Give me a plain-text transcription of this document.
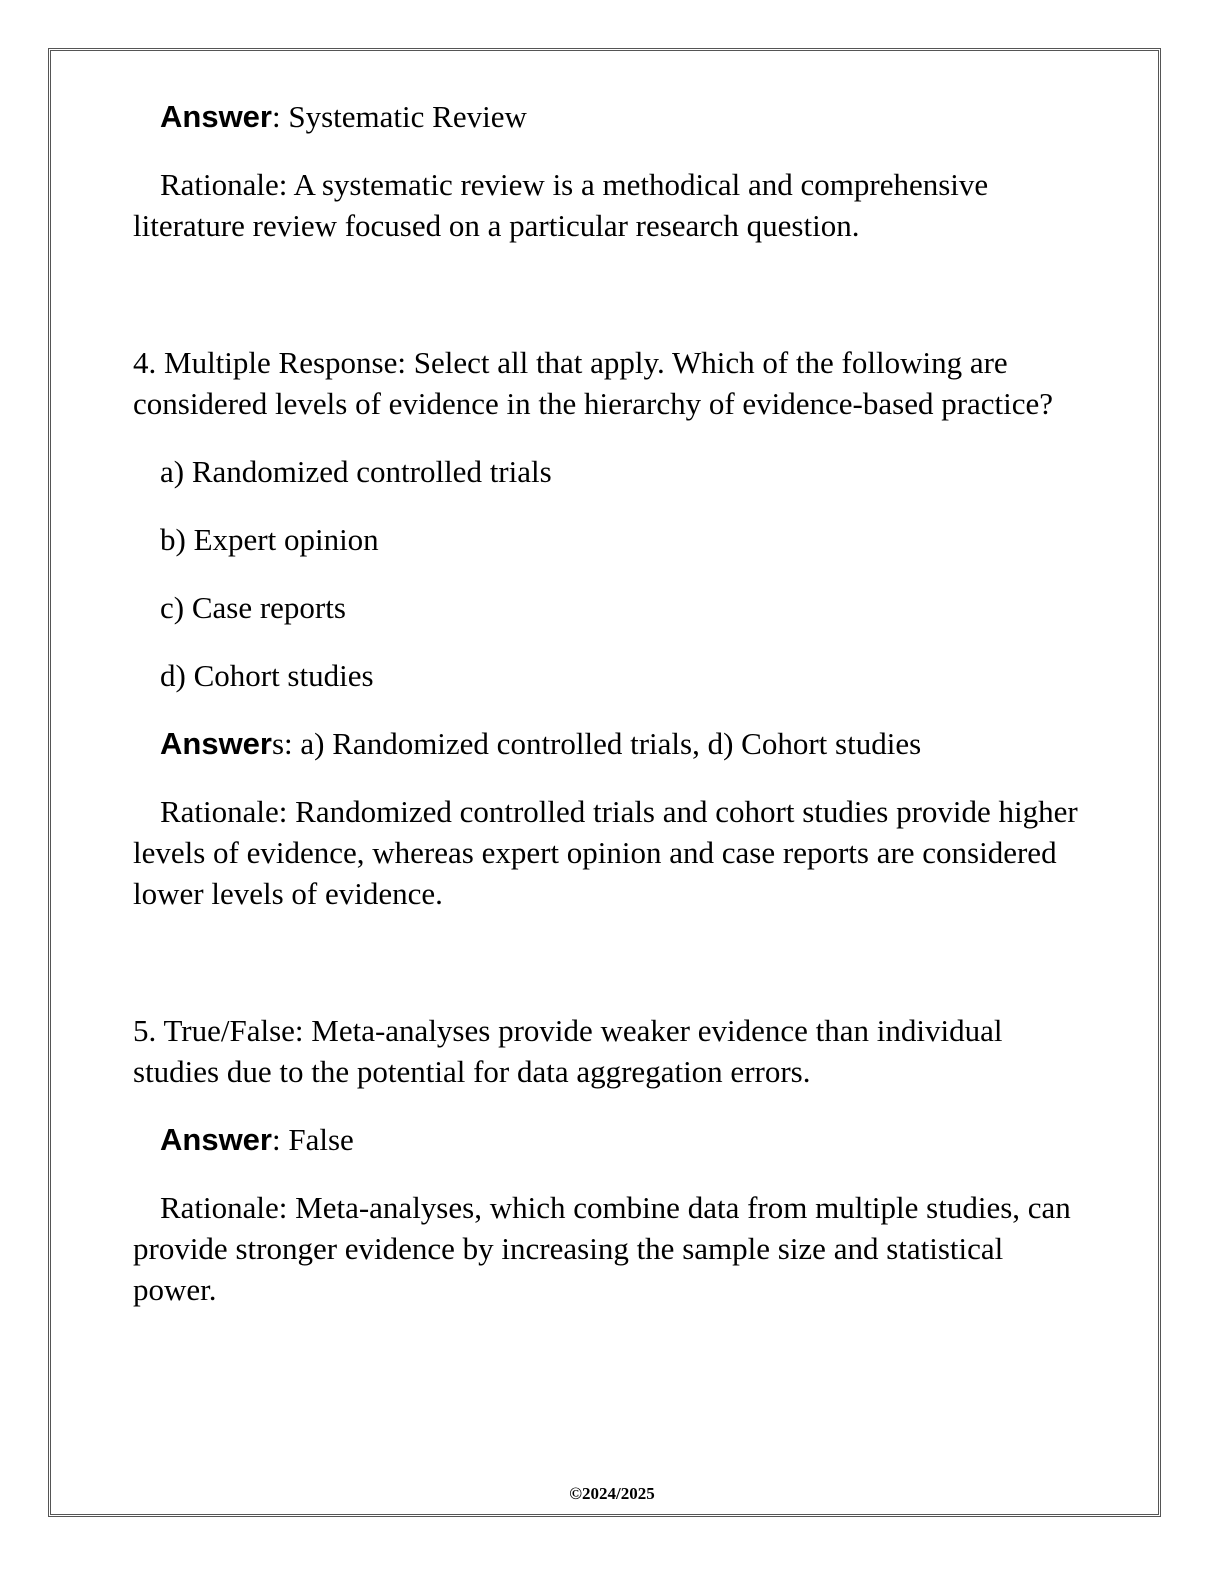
Answer: Systematic Review

Rationale: A systematic review is a methodical and comprehensive literature review focused on a particular research question.

4. Multiple Response: Select all that apply. Which of the following are considered levels of evidence in the hierarchy of evidence-based practice?

a) Randomized controlled trials

b) Expert opinion

c) Case reports

d) Cohort studies

Answers: a) Randomized controlled trials, d) Cohort studies

Rationale: Randomized controlled trials and cohort studies provide higher levels of evidence, whereas expert opinion and case reports are considered lower levels of evidence.

5. True/False: Meta-analyses provide weaker evidence than individual studies due to the potential for data aggregation errors.

Answer: False

Rationale: Meta-analyses, which combine data from multiple studies, can provide stronger evidence by increasing the sample size and statistical power.

©2024/2025
